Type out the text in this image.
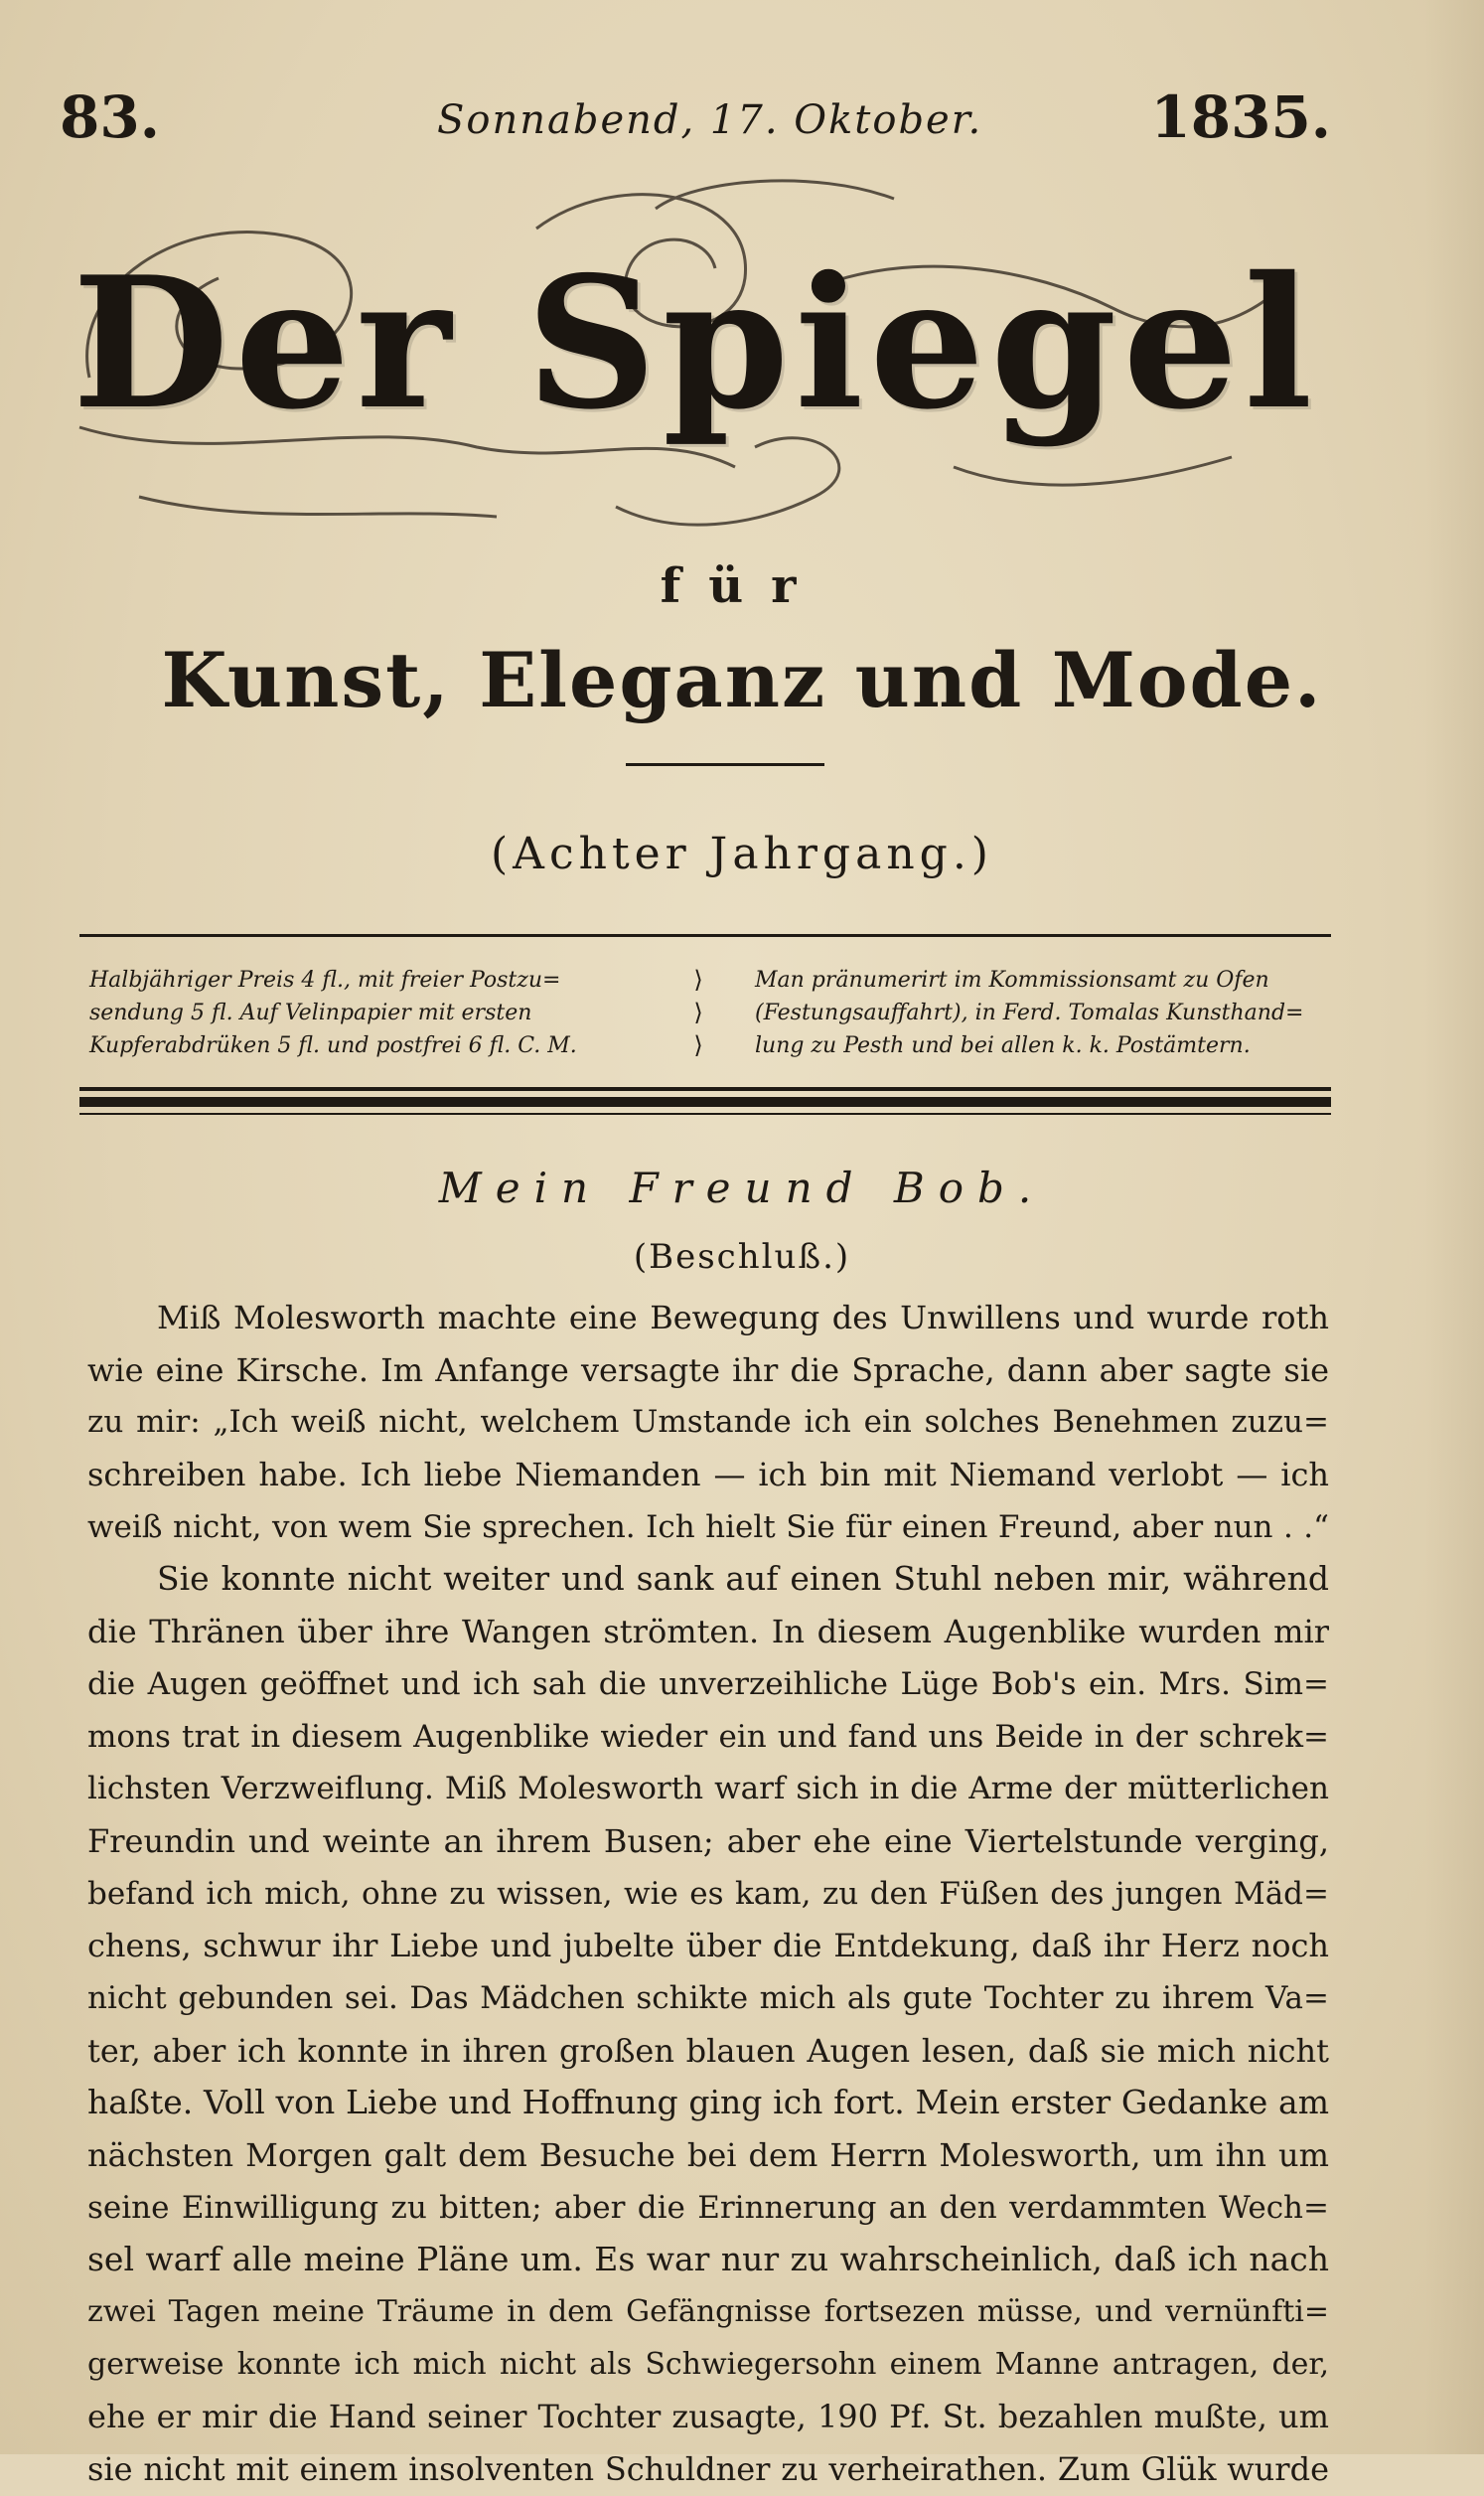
83.	Sonnabend, 17. Oktober.	1835.
Der Spiegel
für
Kunst, Eleganz und Mode.
(Achter Jahrgang.)
Halbjähriger Preis 4 fl., mit freier Postzu=
sendung 5 fl. Auf Velinpapier mit ersten
Kupferabdrüken 5 fl. und postfrei 6 fl. C. M.
⟩
⟩
⟩
Man pränumerirt im Kommissionsamt zu Ofen
(Festungsauffahrt), in Ferd. Tomalas Kunsthand=
lung zu Pesth und bei allen k. k. Postämtern.
Mein Freund Bob.
(Beschluß.)
Miß Molesworth machte eine Bewegung des Unwillens und wurde roth
wie eine Kirsche. Im Anfange versagte ihr die Sprache, dann aber sagte sie
zu mir: „Ich weiß nicht, welchem Umstande ich ein solches Benehmen zuzu=
schreiben habe. Ich liebe Niemanden — ich bin mit Niemand verlobt — ich
weiß nicht, von wem Sie sprechen. Ich hielt Sie für einen Freund, aber nun . .“
Sie konnte nicht weiter und sank auf einen Stuhl neben mir, während
die Thränen über ihre Wangen strömten. In diesem Augenblike wurden mir
die Augen geöffnet und ich sah die unverzeihliche Lüge Bob's ein. Mrs. Sim=
mons trat in diesem Augenblike wieder ein und fand uns Beide in der schrek=
lichsten Verzweiflung. Miß Molesworth warf sich in die Arme der mütterlichen
Freundin und weinte an ihrem Busen; aber ehe eine Viertelstunde verging,
befand ich mich, ohne zu wissen, wie es kam, zu den Füßen des jungen Mäd=
chens, schwur ihr Liebe und jubelte über die Entdekung, daß ihr Herz noch
nicht gebunden sei. Das Mädchen schikte mich als gute Tochter zu ihrem Va=
ter, aber ich konnte in ihren großen blauen Augen lesen, daß sie mich nicht
haßte. Voll von Liebe und Hoffnung ging ich fort. Mein erster Gedanke am
nächsten Morgen galt dem Besuche bei dem Herrn Molesworth, um ihn um
seine Einwilligung zu bitten; aber die Erinnerung an den verdammten Wech=
sel warf alle meine Pläne um. Es war nur zu wahrscheinlich, daß ich nach
zwei Tagen meine Träume in dem Gefängnisse fortsezen müsse, und vernünfti=
gerweise konnte ich mich nicht als Schwiegersohn einem Manne antragen, der,
ehe er mir die Hand seiner Tochter zusagte, 190 Pf. St. bezahlen mußte, um
sie nicht mit einem insolventen Schuldner zu verheirathen. Zum Glük wurde
